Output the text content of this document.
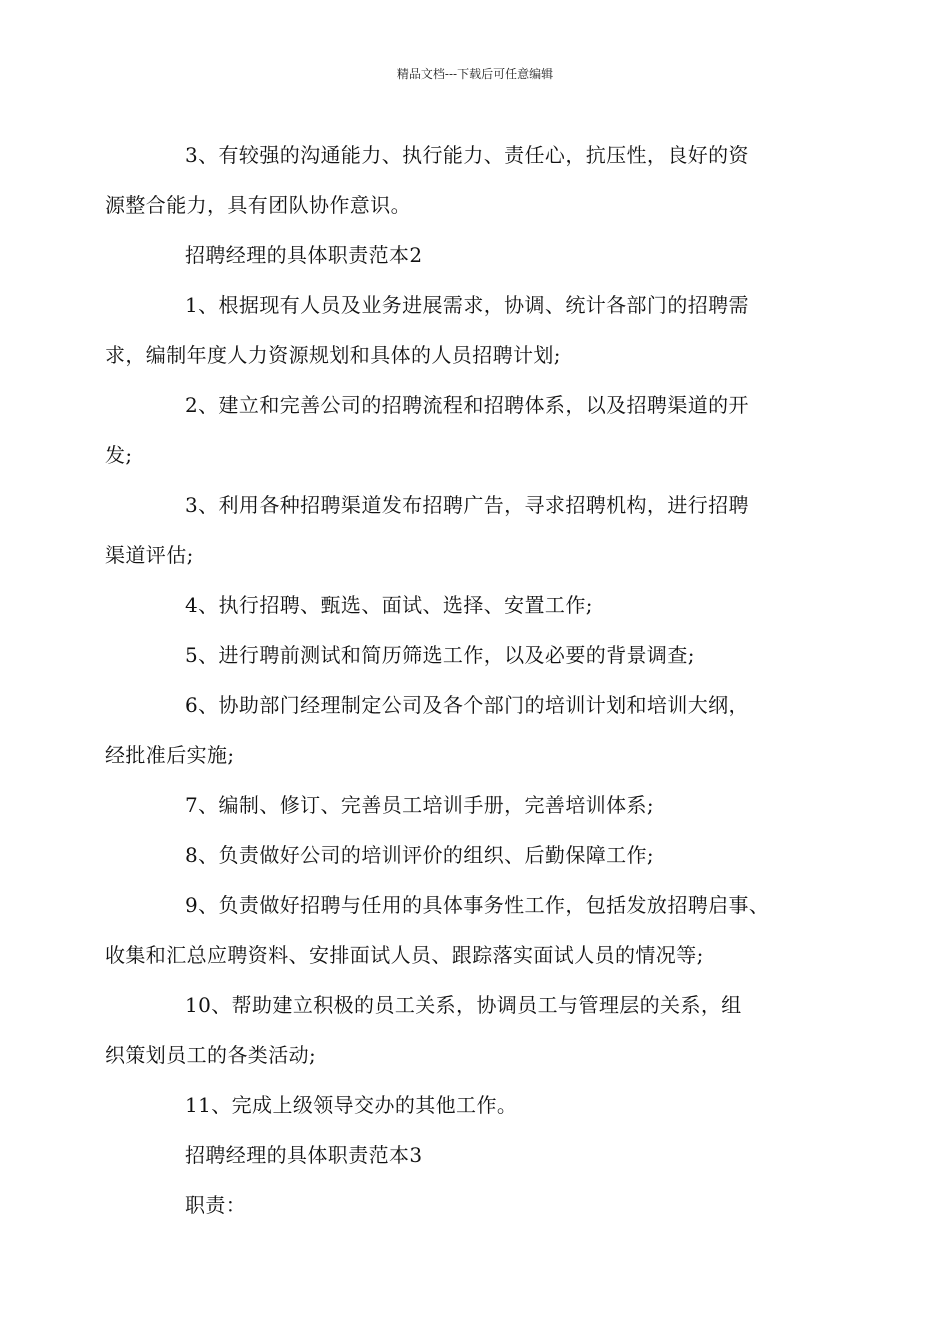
精品文档---下载后可任意编辑

3、有较强的沟通能力、执行能力、责任心，抗压性，良好的资
源整合能力，具有团队协作意识。

招聘经理的具体职责范本2

1、根据现有人员及业务进展需求，协调、统计各部门的招聘需
求，编制年度人力资源规划和具体的人员招聘计划;

2、建立和完善公司的招聘流程和招聘体系，以及招聘渠道的开
发;

3、利用各种招聘渠道发布招聘广告，寻求招聘机构，进行招聘
渠道评估;

4、执行招聘、甄选、面试、选择、安置工作;

5、进行聘前测试和简历筛选工作，以及必要的背景调查;

6、协助部门经理制定公司及各个部门的培训计划和培训大纲，
经批准后实施;

7、编制、修订、完善员工培训手册，完善培训体系;

8、负责做好公司的培训评价的组织、后勤保障工作;

9、负责做好招聘与任用的具体事务性工作，包括发放招聘启事、
收集和汇总应聘资料、安排面试人员、跟踪落实面试人员的情况等;

10、帮助建立积极的员工关系，协调员工与管理层的关系，组
织策划员工的各类活动;

11、完成上级领导交办的其他工作。

招聘经理的具体职责范本3

职责：
